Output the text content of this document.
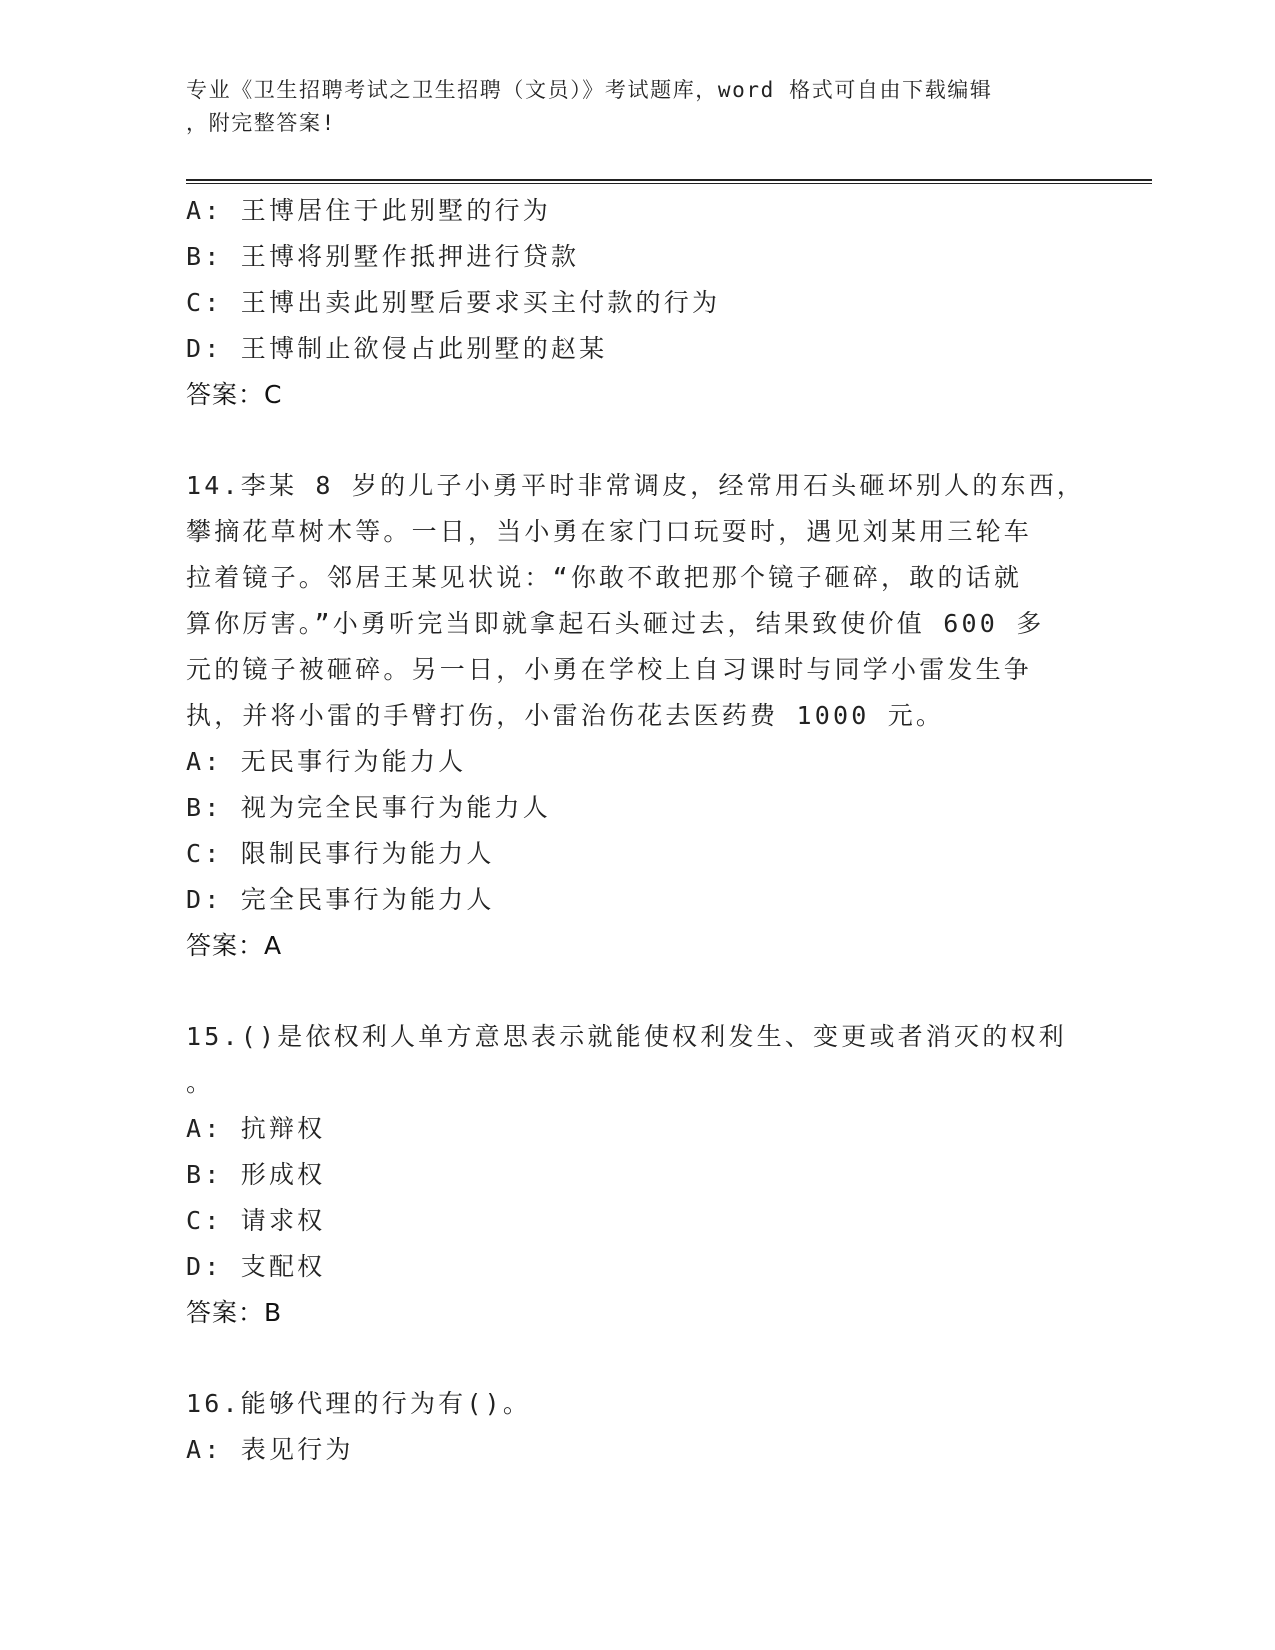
专业《卫生招聘考试之卫生招聘（文员）》考试题库，word 格式可自由下载编辑
，附完整答案!
A: 王博居住于此别墅的行为
B: 王博将别墅作抵押进行贷款
C: 王博出卖此别墅后要求买主付款的行为
D: 王博制止欲侵占此别墅的赵某
答案：C
14.李某 8 岁的儿子小勇平时非常调皮，经常用石头砸坏别人的东西，
攀摘花草树木等。一日，当小勇在家门口玩耍时，遇见刘某用三轮车
拉着镜子。邻居王某见状说：“你敢不敢把那个镜子砸碎，敢的话就
算你厉害。”小勇听完当即就拿起石头砸过去，结果致使价值 600 多
元的镜子被砸碎。另一日，小勇在学校上自习课时与同学小雷发生争
执，并将小雷的手臂打伤，小雷治伤花去医药费 1000 元。
A: 无民事行为能力人
B: 视为完全民事行为能力人
C: 限制民事行为能力人
D: 完全民事行为能力人
答案：A
15.()是依权利人单方意思表示就能使权利发生、变更或者消灭的权利
。
A: 抗辩权
B: 形成权
C: 请求权
D: 支配权
答案：B
16.能够代理的行为有()。
A: 表见行为
